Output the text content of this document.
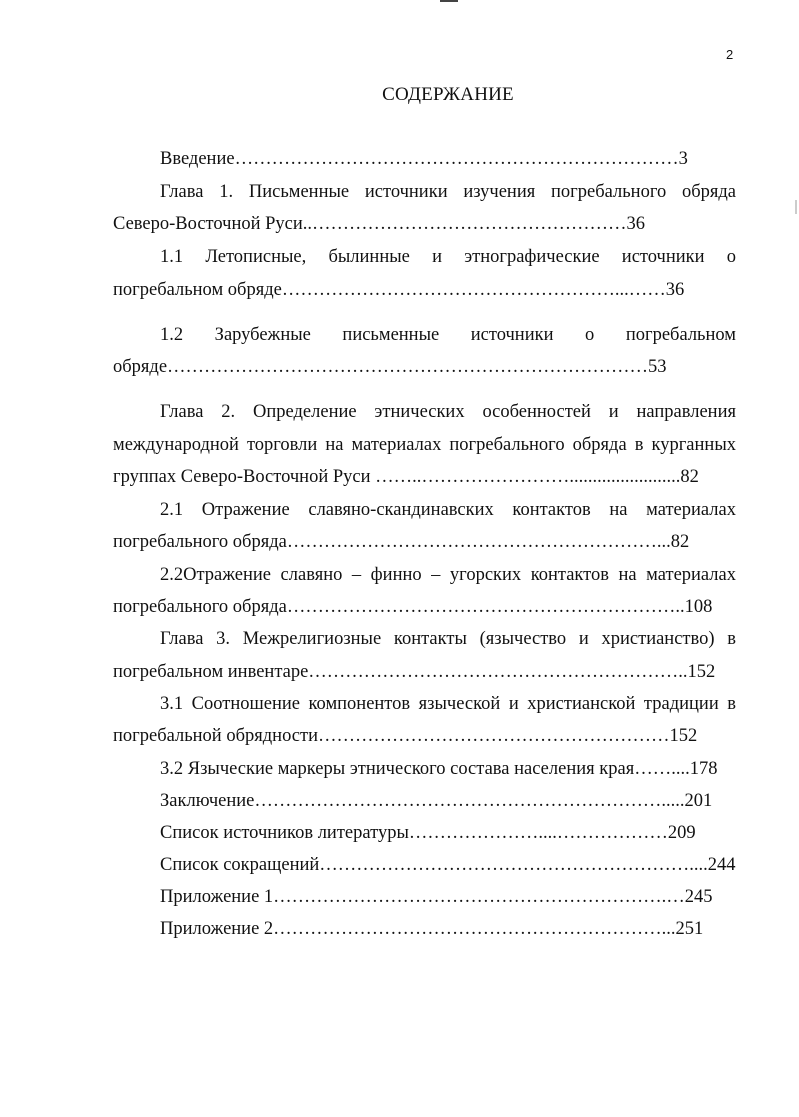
2
СОДЕРЖАНИЕ
Введение………………………………………………………………3
Глава 1. Письменные источники изучения погребального обряда
Северо-Восточной Руси..……………………………………………36
1.1 Летописные, былинные и этнографические источники о
погребальном обряде………………………………………………...……36
1.2 Зарубежные письменные источники о погребальном
обряде……………………………………………………………………53
Глава 2. Определение этнических особенностей и направления
международной торговли на материалах погребального обряда в курганных
группах Северо-Восточной Руси ……..……………………........................82
2.1 Отражение славяно-скандинавских контактов на материалах
погребального обряда……………………………………………………...82
2.2Отражение славяно – финно – угорских контактов на материалах
погребального обряда………………………………………………………..108
Глава 3. Межрелигиозные контакты (язычество и христианство) в
погребальном инвентаре……………………………………………………..152
3.1 Соотношение компонентов языческой и христианской традиции в
погребальной обрядности…………………………………………………152
3.2 Языческие маркеры этнического состава населения края……....178
Заключение………………………………………………………….....201
Список источников литературы…………………....………………209
Список сокращений……………………………………………………....244
Приложение 1……………………………………………………….…245
Приложение 2………………………………………………………...251
